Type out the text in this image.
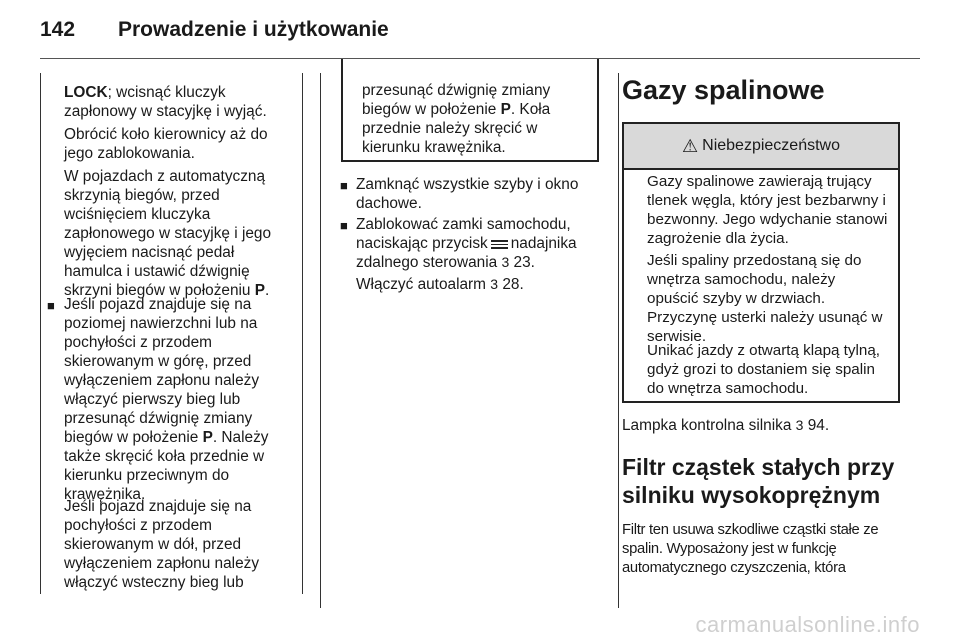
142	Prowadzenie i użytkowanie

LOCK; wcisnąć kluczyk zapłonowy w stacyjkę i wyjąć.

Obrócić koło kierownicy aż do jego zablokowania.

W pojazdach z automatyczną skrzynią biegów, przed wciśnięciem kluczyka zapłonowego w stacyjkę i jego wyjęciem nacisnąć pedał hamulca i ustawić dźwignię skrzyni biegów w położeniu P.

■ Jeśli pojazd znajduje się na poziomej nawierzchni lub na pochyłości z przodem skierowanym w górę, przed wyłączeniem zapłonu należy włączyć pierwszy bieg lub przesunąć dźwignię zmiany biegów w położenie P. Należy także skręcić koła przednie w kierunku przeciwnym do krawężnika.

Jeśli pojazd znajduje się na pochyłości z przodem skierowanym w dół, przed wyłączeniem zapłonu należy włączyć wsteczny bieg lub

przesunąć dźwignię zmiany biegów w położenie P. Koła przednie należy skręcić w kierunku krawężnika.

■ Zamknąć wszystkie szyby i okno dachowe.

■ Zablokować zamki samochodu, naciskając przycisk nadajnika zdalnego sterowania 3 23.

Włączyć autoalarm 3 28.

Gazy spalinowe
⚠ Niebezpieczeństwo

Gazy spalinowe zawierają trujący tlenek węgla, który jest bezbarwny i bezwonny. Jego wdychanie stanowi zagrożenie dla życia.

Jeśli spaliny przedostaną się do wnętrza samochodu, należy opuścić szyby w drzwiach. Przyczynę usterki należy usunąć w serwisie.

Unikać jazdy z otwartą klapą tylną, gdyż grozi to dostaniem się spalin do wnętrza samochodu.

Lampka kontrolna silnika 3 94.

Filtr cząstek stałych przy silniku wysokoprężnym

Filtr ten usuwa szkodliwe cząstki stałe ze spalin. Wyposażony jest w funkcję automatycznego czyszczenia, która

carmanualsonline.info
